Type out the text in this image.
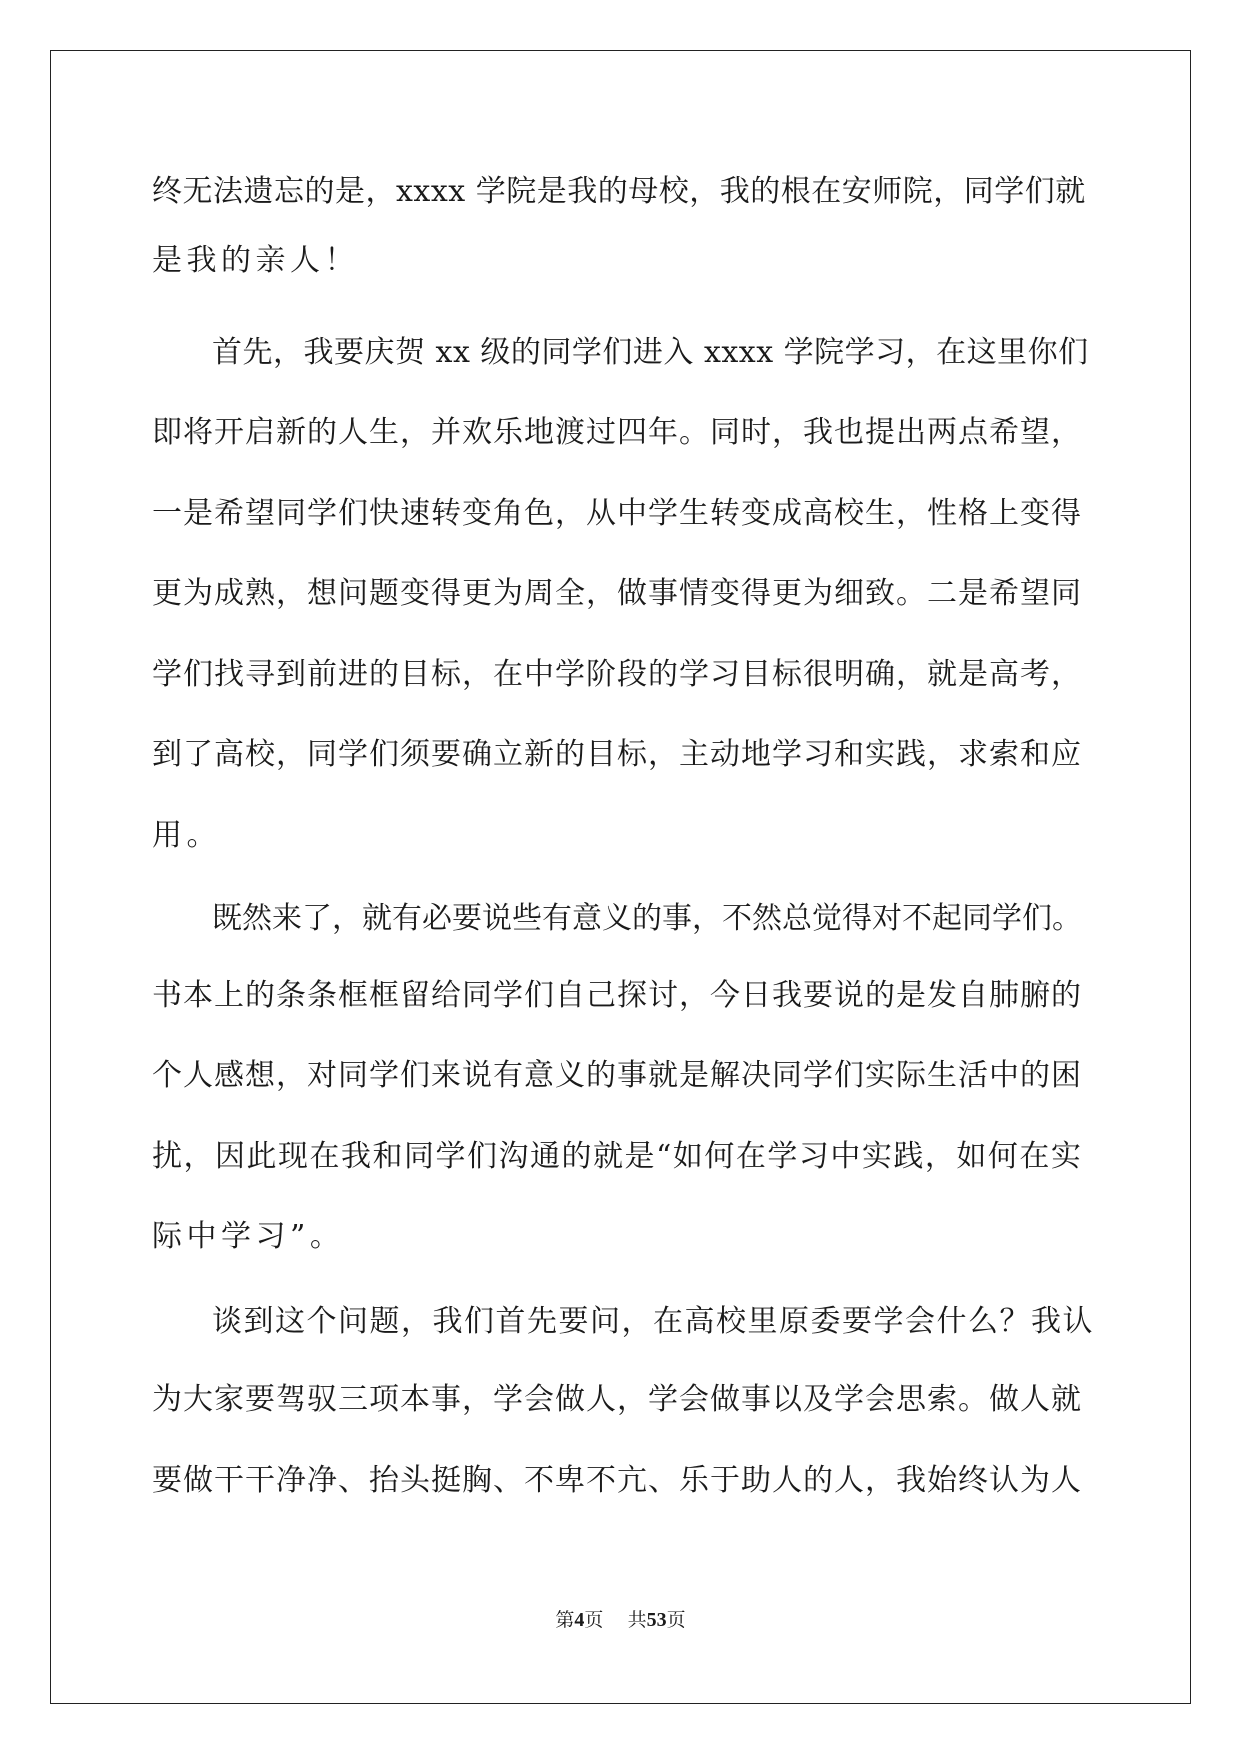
终无法遗忘的是，xxxx 学院是我的母校，我的根在安师院，同学们就
是我的亲人！
首先，我要庆贺 xx 级的同学们进入 xxxx 学院学习，在这里你们
即将开启新的人生，并欢乐地渡过四年。同时，我也提出两点希望，
一是希望同学们快速转变角色，从中学生转变成高校生，性格上变得
更为成熟，想问题变得更为周全，做事情变得更为细致。二是希望同
学们找寻到前进的目标，在中学阶段的学习目标很明确，就是高考，
到了高校，同学们须要确立新的目标，主动地学习和实践，求索和应
用。
既然来了，就有必要说些有意义的事，不然总觉得对不起同学们。
书本上的条条框框留给同学们自己探讨，今日我要说的是发自肺腑的
个人感想，对同学们来说有意义的事就是解决同学们实际生活中的困
扰，因此现在我和同学们沟通的就是“如何在学习中实践，如何在实
际中学习”。
谈到这个问题，我们首先要问，在高校里原委要学会什么？我认
为大家要驾驭三项本事，学会做人，学会做事以及学会思索。做人就
要做干干净净、抬头挺胸、不卑不亢、乐于助人的人，我始终认为人
第4页 共53页
